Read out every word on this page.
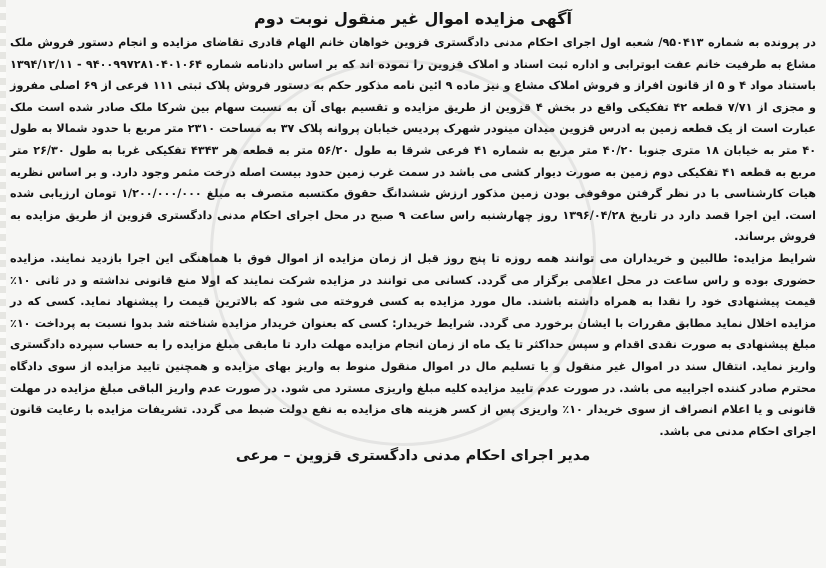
آگهی مزایده اموال غیر منقول نوبت دوم

در پرونده به شماره ۹۵۰۴۱۳/ شعبه اول اجرای احکام مدنی دادگستری قزوین خواهان خانم الهام قادری تقاضای مزایده و انجام دستور فروش ملک مشاع به طرفیت خانم عفت ابوترابی و اداره ثبت اسناد و املاک قزوین را نموده اند که بر اساس دادنامه شماره ۹۴۰۰۹۹۷۲۸۱۰۴۰۱۰۶۴ - ۱۳۹۴/۱۲/۱۱ باستناد مواد ۴ و ۵ از قانون افراز و فروش املاک مشاع و نیز ماده ۹ ائین نامه مذکور حکم به دستور فروش پلاک ثبتی ۱۱۱ فرعی از ۶۹ اصلی مفروز و مجزی از ۷/۷۱ قطعه ۴۲ تفکیکی واقع در بخش ۴ قزوین از طریق مزایده و تقسیم بهای آن به نسبت سهام بین شرکا ملک صادر شده است ملک عبارت است از یک قطعه زمین به ادرس قزوین میدان مینودر شهرک پردیس خیابان پروانه پلاک ۳۷ به مساحت ۲۳۱۰ متر مربع با حدود شمالا به طول ۴۰ متر به خیابان ۱۸ متری جنوبا ۴۰/۲۰ متر مربع به شماره ۴۱ فرعی شرقا به طول ۵۶/۲۰ متر به قطعه هر ۴۳۴۳ تفکیکی غربا به طول ۲۶/۳۰ متر مربع به قطعه ۴۱ تفکیکی دوم زمین به صورت دیوار کشی می باشد در سمت غرب زمین حدود بیست اصله درخت مثمر وجود دارد. و بر اساس نظریه هیات کارشناسی با در نظر گرفتن موقوفی بودن زمین مذکور ارزش ششدانگ حقوق مکتسبه متصرف به مبلغ ۱/۲۰۰/۰۰۰/۰۰۰ تومان ارزیابی شده است. این اجرا قصد دارد در تاریخ ۱۳۹۶/۰۴/۲۸ روز چهارشنبه راس ساعت ۹ صبح در محل اجرای احکام مدنی دادگستری قزوین از طریق مزایده به فروش برساند.

شرایط مزایده: طالبین و خریداران می توانند همه روزه تا پنج روز قبل از زمان مزایده از اموال فوق با هماهنگی این اجرا بازدید نمایند. مزایده حضوری بوده و راس ساعت در محل اعلامی برگزار می گردد. کسانی می توانند در مزایده شرکت نمایند که اولا منع قانونی نداشته و در ثانی ۱۰٪ قیمت پیشنهادی خود را نقدا به همراه داشته باشند. مال مورد مزایده به کسی فروخته می شود که بالاترین قیمت را پیشنهاد نماید. کسی که در مزایده اخلال نماید مطابق مقررات با ایشان برخورد می گردد. شرایط خریدار: کسی که بعنوان خریدار مزایده شناخته شد بدوا نسبت به پرداخت ۱۰٪ مبلغ پیشنهادی به صورت نقدی اقدام و سپس حداکثر تا یک ماه از زمان انجام مزایده مهلت دارد تا مابقی مبلغ مزایده را به حساب سپرده دادگستری واریز نماید. انتقال سند در اموال غیر منقول و یا تسلیم مال در اموال منقول منوط به واریز بهای مزایده و همچنین تایید مزایده از سوی دادگاه محترم صادر کننده اجراییه می باشد. در صورت عدم تایید مزایده کلیه مبلغ واریزی مسترد می شود. در صورت عدم واریز الباقی مبلغ مزایده در مهلت قانونی و یا اعلام انصراف از سوی خریدار ۱۰٪ واریزی پس از کسر هزینه های مزایده به نفع دولت ضبط می گردد. تشریفات مزایده با رعایت قانون اجرای احکام مدنی می باشد.

مدیر اجرای احکام مدنی دادگستری قزوین – مرعی
